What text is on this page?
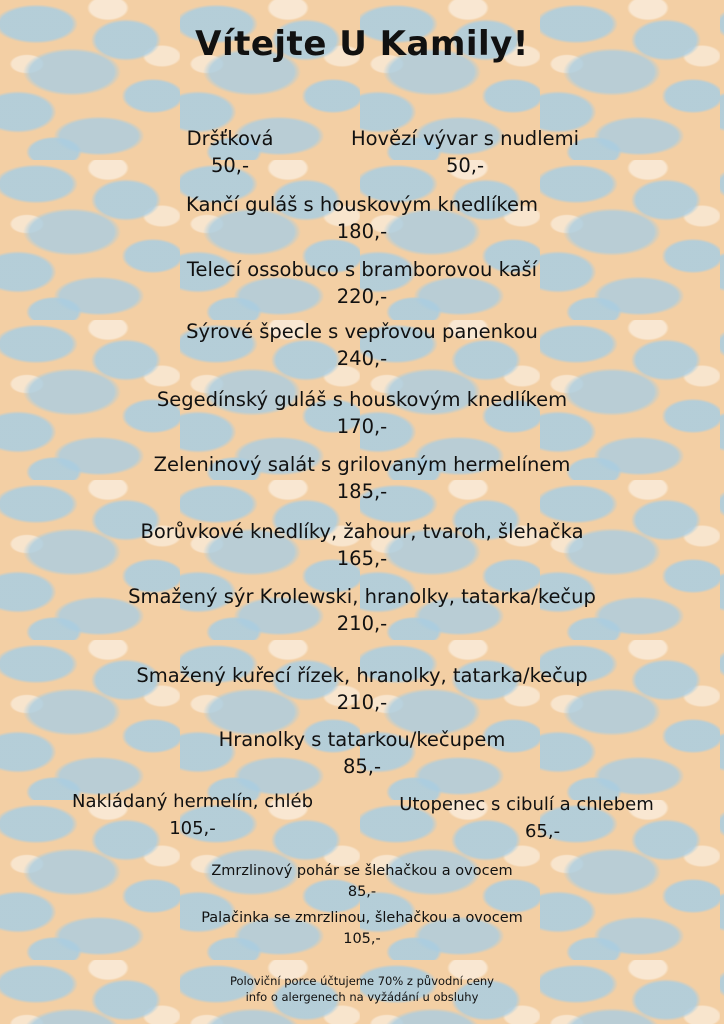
Vítejte U Kamily!
Dršťková
50,-
Hovězí vývar s nudlemi
50,-
Kančí guláš s houskovým knedlíkem
180,-
Telecí ossobuco s bramborovou kaší
220,-
Sýrové špecle s vepřovou panenkou
240,-
Segedínský guláš s houskovým knedlíkem
170,-
Zeleninový salát s grilovaným hermelínem
185,-
Borůvkové knedlíky, žahour, tvaroh, šlehačka
165,-
Smažený sýr Krolewski, hranolky, tatarka/kečup
210,-
Smažený kuřecí řízek, hranolky, tatarka/kečup
210,-
Hranolky s tatarkou/kečupem
85,-
Nakládaný hermelín, chléb
105,-
Utopenec s cibulí a chlebem
65,-
Zmrzlinový pohár se šlehačkou a ovocem
85,-
Palačinka se zmrzlinou, šlehačkou a ovocem
105,-
Poloviční porce účtujeme 70% z původní ceny
info o alergenech na vyžádání u obsluhy
